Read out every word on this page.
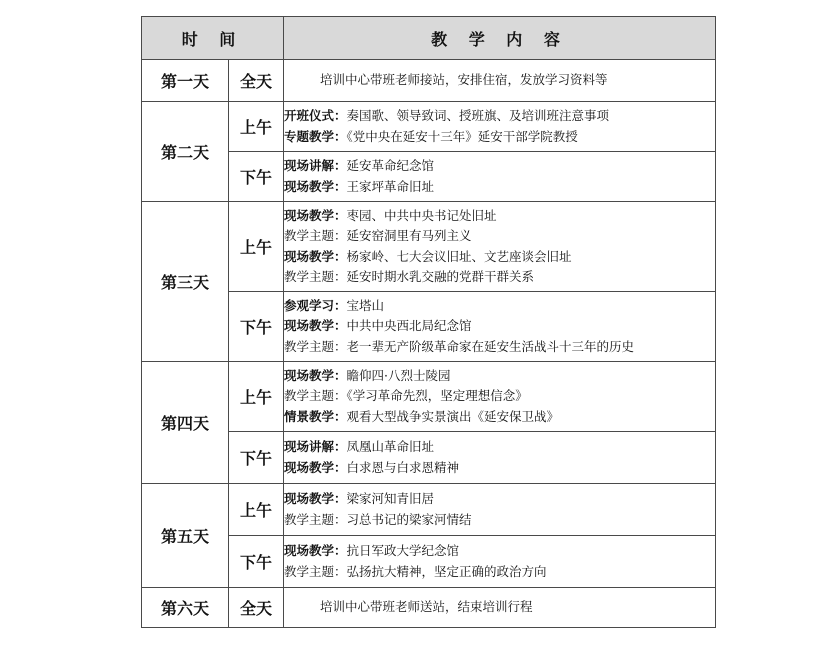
时 间		教 学 内 容
第一天	全天	培训中心带班老师接站，安排住宿，发放学习资料等

第二天	上午	开班仪式：奏国歌、领导致词、授班旗、及培训班注意事项
专题教学：《党中央在延安十三年》延安干部学院教授

	下午	现场讲解：延安革命纪念馆
现场教学：王家坪革命旧址

第三天	上午	现场教学：枣园、中共中央书记处旧址
教学主题：延安窑洞里有马列主义
现场教学：杨家岭、七大会议旧址、文艺座谈会旧址
教学主题：延安时期水乳交融的党群干群关系

	下午	参观学习：宝塔山
现场教学：中共中央西北局纪念馆
教学主题：老一辈无产阶级革命家在延安生活战斗十三年的历史

第四天	上午	现场教学：瞻仰四·八烈士陵园
教学主题：《学习革命先烈，坚定理想信念》
情景教学：观看大型战争实景演出《延安保卫战》

	下午	现场讲解：凤凰山革命旧址
现场教学：白求恩与白求恩精神

第五天	上午	现场教学：梁家河知青旧居
教学主题：习总书记的梁家河情结

	下午	现场教学：抗日军政大学纪念馆
教学主题：弘扬抗大精神，坚定正确的政治方向

第六天	全天	培训中心带班老师送站，结束培训行程
